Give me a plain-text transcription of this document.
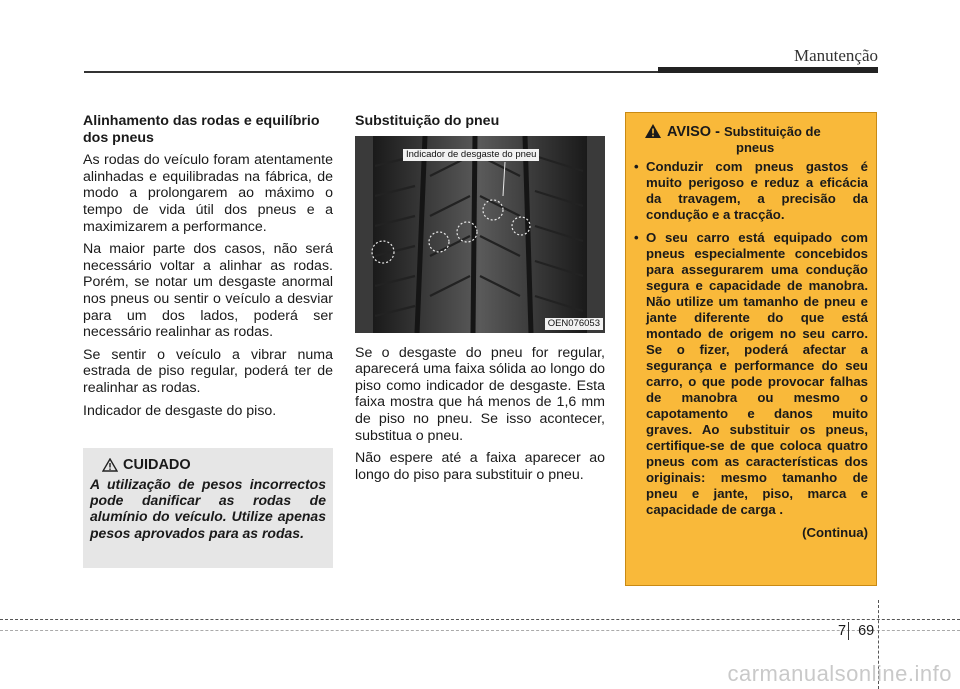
Manutenção
Alinhamento das rodas e equilíbrio dos pneus
As rodas do veículo foram atentamente alinhadas e equilibradas na fábrica, de modo a prolongarem ao máximo o tempo de vida útil dos pneus e a maximizarem a performance.
Na maior parte dos casos, não será necessário voltar a alinhar as rodas. Porém, se notar um desgaste anormal nos pneus ou sentir o veículo a desviar para um dos lados, poderá ser necessário realinhar as rodas.
Se sentir o veículo a vibrar numa estrada de piso regular, poderá ter de realinhar as rodas.
Indicador de desgaste do piso.
CUIDADO
A utilização de pesos incorrectos pode danificar as rodas de alumínio do veículo. Utilize apenas pesos aprovados para as rodas.
Substituição do pneu
Indicador de desgaste do pneu
OEN076053
Se o desgaste do pneu for regular, aparecerá uma faixa sólida ao longo do piso como indicador de desgaste. Esta faixa mostra que há menos de 1,6 mm de piso no pneu. Se isso acontecer, substitua o pneu.
Não espere até a faixa aparecer ao longo do piso para substituir o pneu.
AVISO - Substituição de
pneus
• Conduzir com pneus gastos é muito perigoso e reduz a eficácia da travagem, a precisão da condução e a tracção.
• O seu carro está equipado com pneus especialmente concebidos para assegurarem uma condução segura e capacidade de manobra. Não utilize um tamanho de pneu e jante diferente do que está montado de origem no seu carro. Se o fizer, poderá afectar a segurança e performance do seu carro, o que pode provocar falhas de manobra ou mesmo o capotamento e danos muito graves. Ao substituir os pneus, certifique-se de que coloca quatro pneus com as características dos originais: mesmo tamanho de pneu e jante, piso, marca e capacidade de carga .
(Continua)
7 69
carmanualsonline.info
